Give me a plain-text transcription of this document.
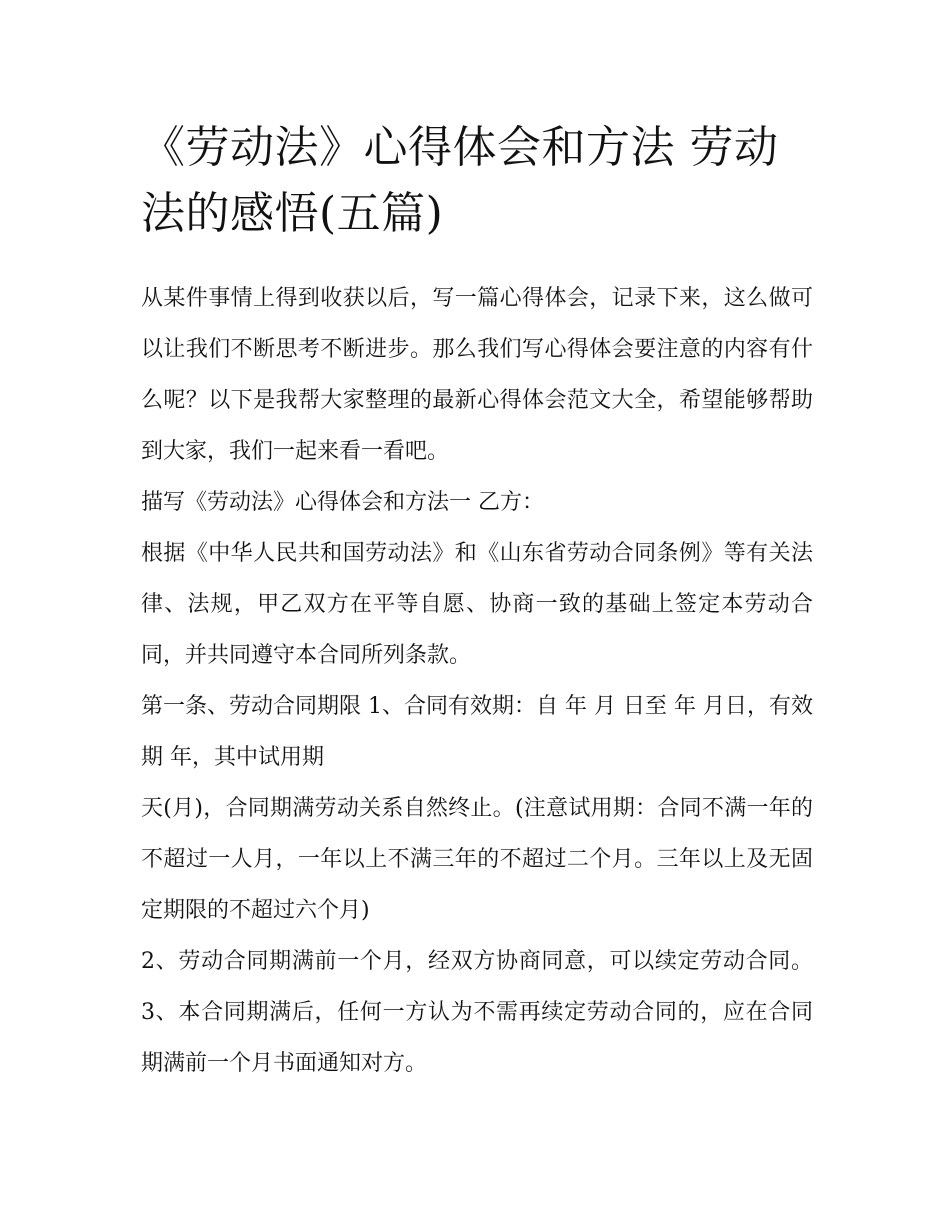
《劳动法》心得体会和方法 劳动法的感悟(五篇)

从某件事情上得到收获以后，写一篇心得体会，记录下来，这么做可以让我们不断思考不断进步。那么我们写心得体会要注意的内容有什么呢？以下是我帮大家整理的最新心得体会范文大全，希望能够帮助到大家，我们一起来看一看吧。

描写《劳动法》心得体会和方法一 乙方：

根据《中华人民共和国劳动法》和《山东省劳动合同条例》等有关法律、法规，甲乙双方在平等自愿、协商一致的基础上签定本劳动合同，并共同遵守本合同所列条款。

第一条、劳动合同期限 1、合同有效期：自 年 月 日至 年 月日，有效期 年，其中试用期

天(月)，合同期满劳动关系自然终止。(注意试用期：合同不满一年的不超过一人月，一年以上不满三年的不超过二个月。三年以上及无固定期限的不超过六个月)

2、劳动合同期满前一个月，经双方协商同意，可以续定劳动合同。 3、本合同期满后，任何一方认为不需再续定劳动合同的，应在合同期满前一个月书面通知对方。
